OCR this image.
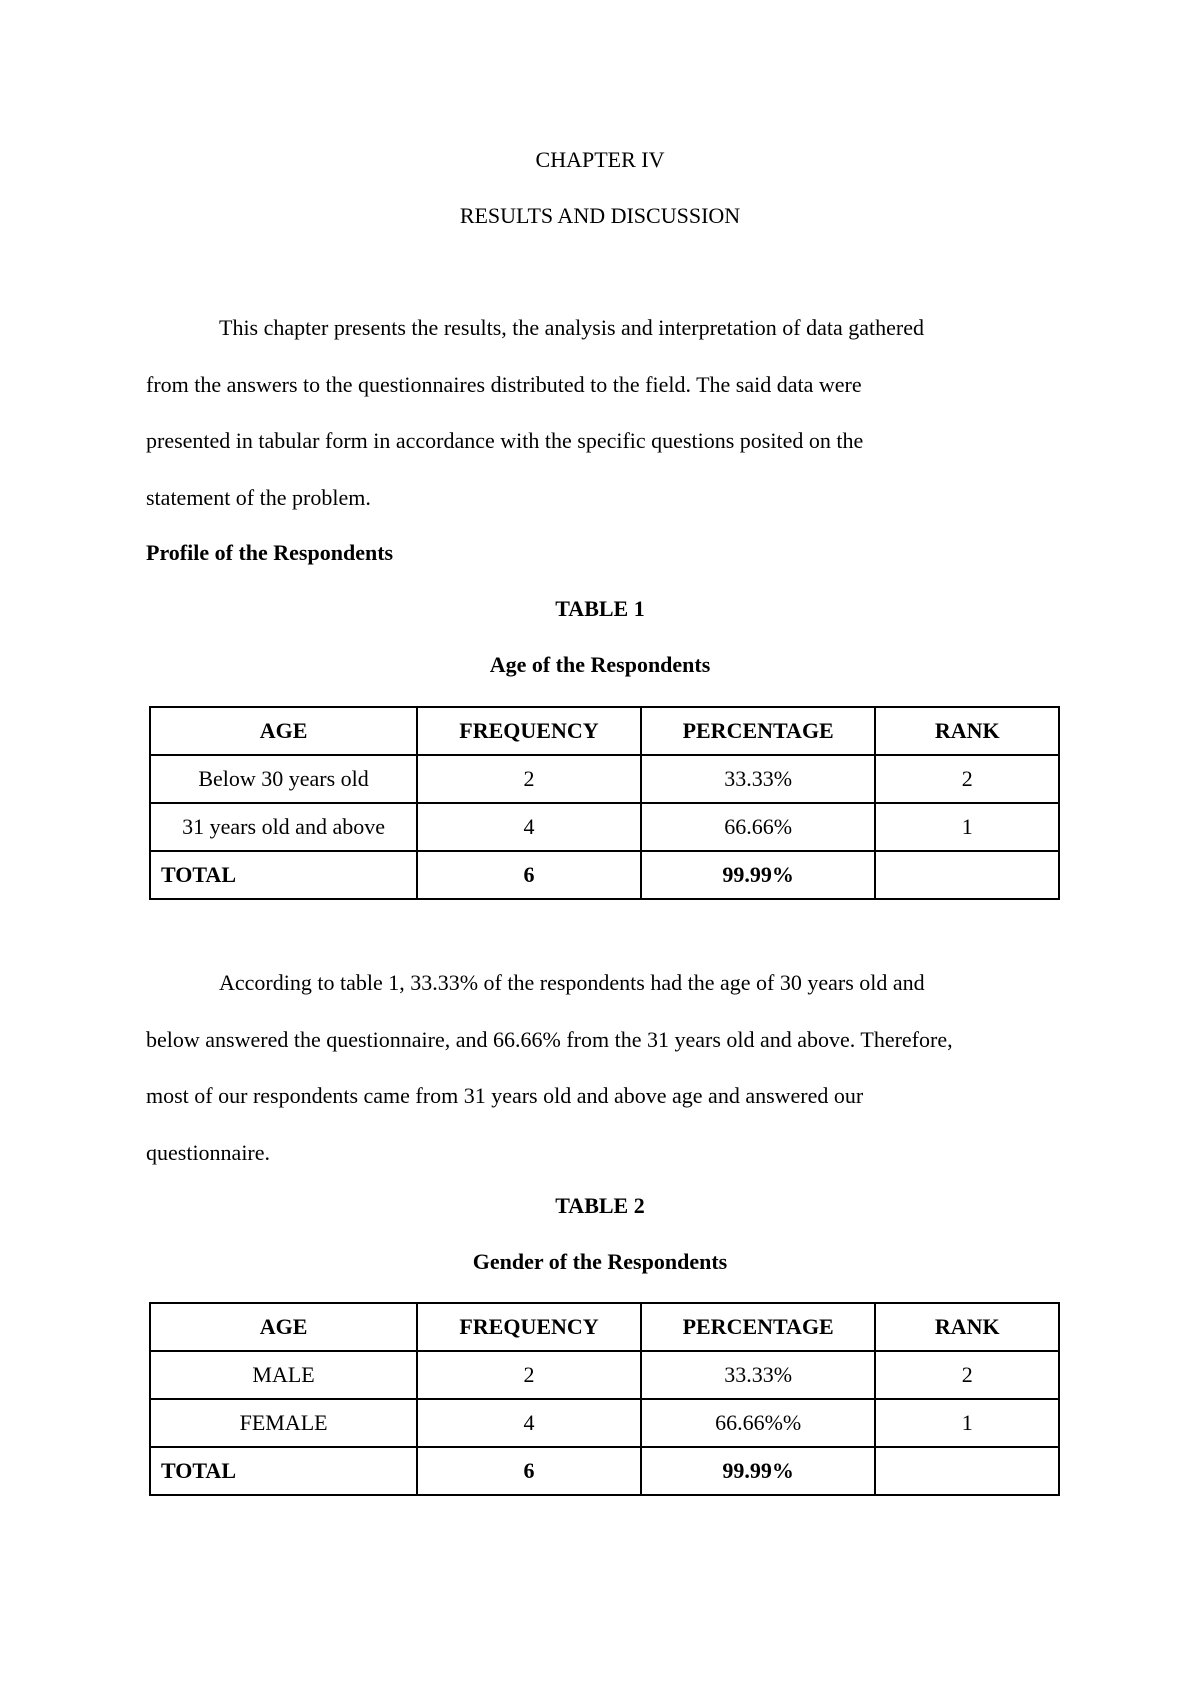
CHAPTER IV

RESULTS AND DISCUSSION

This chapter presents the results, the analysis and interpretation of data gathered
from the answers to the questionnaires distributed to the field. The said data were
presented in tabular form in accordance with the specific questions posited on the
statement of the problem.

Profile of the Respondents

TABLE 1

Age of the Respondents

AGE	FREQUENCY	PERCENTAGE	RANK
Below 30 years old	2	33.33%	2
31 years old and above	4	66.66%	1
TOTAL	6	99.99%	
According to table 1, 33.33% of the respondents had the age of 30 years old and
below answered the questionnaire, and 66.66% from the 31 years old and above. Therefore,
most of our respondents came from 31 years old and above age and answered our
questionnaire.

TABLE 2

Gender of the Respondents

AGE	FREQUENCY	PERCENTAGE	RANK
MALE	2	33.33%	2
FEMALE	4	66.66%%	1
TOTAL	6	99.99%	
